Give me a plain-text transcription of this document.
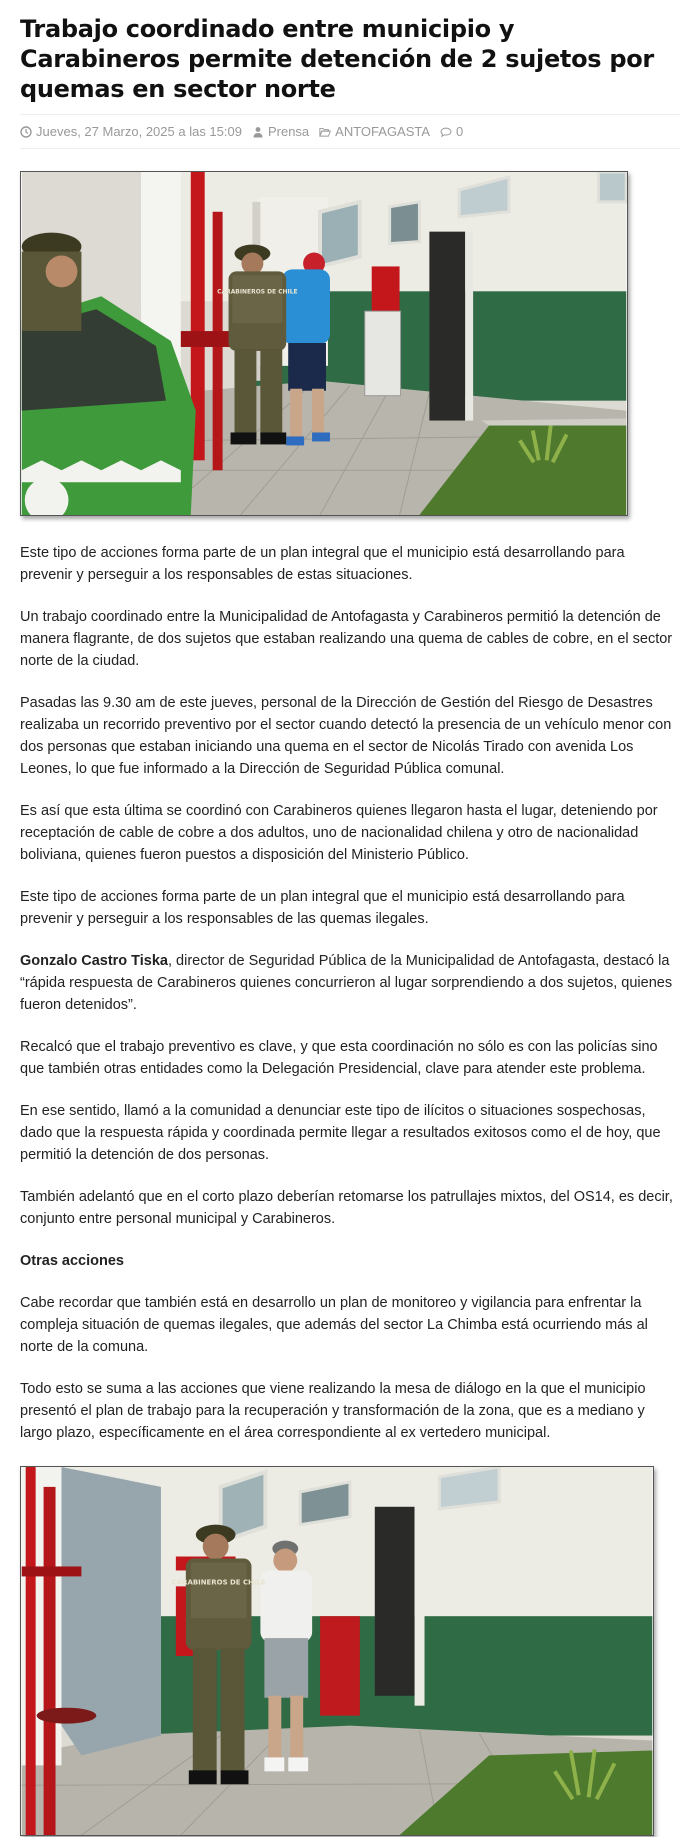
Trabajo coordinado entre municipio y Carabineros permite detención de 2 sujetos por quemas en sector norte
Jueves, 27 Marzo, 2025 a las 15:09 Prensa ANTOFAGASTA 0
CARABINEROS DE CHILE

Este tipo de acciones forma parte de un plan integral que el municipio está desarrollando para prevenir y perseguir a los responsables de estas situaciones.

Un trabajo coordinado entre la Municipalidad de Antofagasta y Carabineros permitió la detención de manera flagrante, de dos sujetos que estaban realizando una quema de cables de cobre, en el sector norte de la ciudad.

Pasadas las 9.30 am de este jueves, personal de la Dirección de Gestión del Riesgo de Desastres realizaba un recorrido preventivo por el sector cuando detectó la presencia de un vehículo menor con dos personas que estaban iniciando una quema en el sector de Nicolás Tirado con avenida Los Leones, lo que fue informado a la Dirección de Seguridad Pública comunal.

Es así que esta última se coordinó con Carabineros quienes llegaron hasta el lugar, deteniendo por receptación de cable de cobre a dos adultos, uno de nacionalidad chilena y otro de nacionalidad boliviana, quienes fueron puestos a disposición del Ministerio Público.

Este tipo de acciones forma parte de un plan integral que el municipio está desarrollando para prevenir y perseguir a los responsables de las quemas ilegales.

Gonzalo Castro Tiska, director de Seguridad Pública de la Municipalidad de Antofagasta, destacó la “rápida respuesta de Carabineros quienes concurrieron al lugar sorprendiendo a dos sujetos, quienes fueron detenidos”.

Recalcó que el trabajo preventivo es clave, y que esta coordinación no sólo es con las policías sino que también otras entidades como la Delegación Presidencial, clave para atender este problema.

En ese sentido, llamó a la comunidad a denunciar este tipo de ilícitos o situaciones sospechosas, dado que la respuesta rápida y coordinada permite llegar a resultados exitosos como el de hoy, que permitió la detención de dos personas.

También adelantó que en el corto plazo deberían retomarse los patrullajes mixtos, del OS14, es decir, conjunto entre personal municipal y Carabineros.

Otras acciones

Cabe recordar que también está en desarrollo un plan de monitoreo y vigilancia para enfrentar la compleja situación de quemas ilegales, que además del sector La Chimba está ocurriendo más al norte de la comuna.

Todo esto se suma a las acciones que viene realizando la mesa de diálogo en la que el municipio presentó el plan de trabajo para la recuperación y transformación de la zona, que es a mediano y largo plazo, específicamente en el área correspondiente al ex vertedero municipal.

CARABINEROS DE CHILE
